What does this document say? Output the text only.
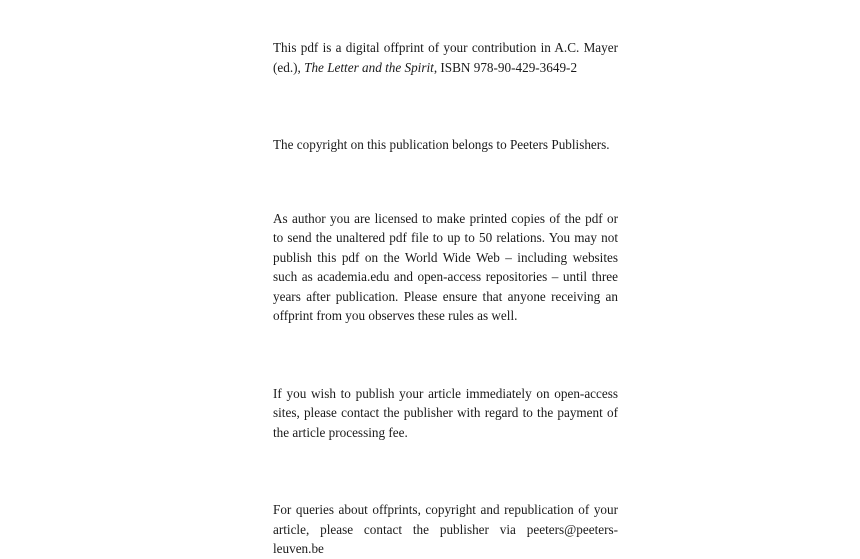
This pdf is a digital offprint of your contribution in A.C. Mayer (ed.), The Letter and the Spirit, ISBN 978-90-429-3649-2

The copyright on this publication belongs to Peeters Publishers.

As author you are licensed to make printed copies of the pdf or to send the unaltered pdf file to up to 50 relations. You may not publish this pdf on the World Wide Web – including websites such as academia.edu and open-access repositories – until three years after publication. Please ensure that anyone receiving an offprint from you observes these rules as well.

If you wish to publish your article immediately on open-access sites, please contact the publisher with regard to the payment of the article processing fee.

For queries about offprints, copyright and republication of your article, please contact the publisher via peeters@peeters-leuven.be
